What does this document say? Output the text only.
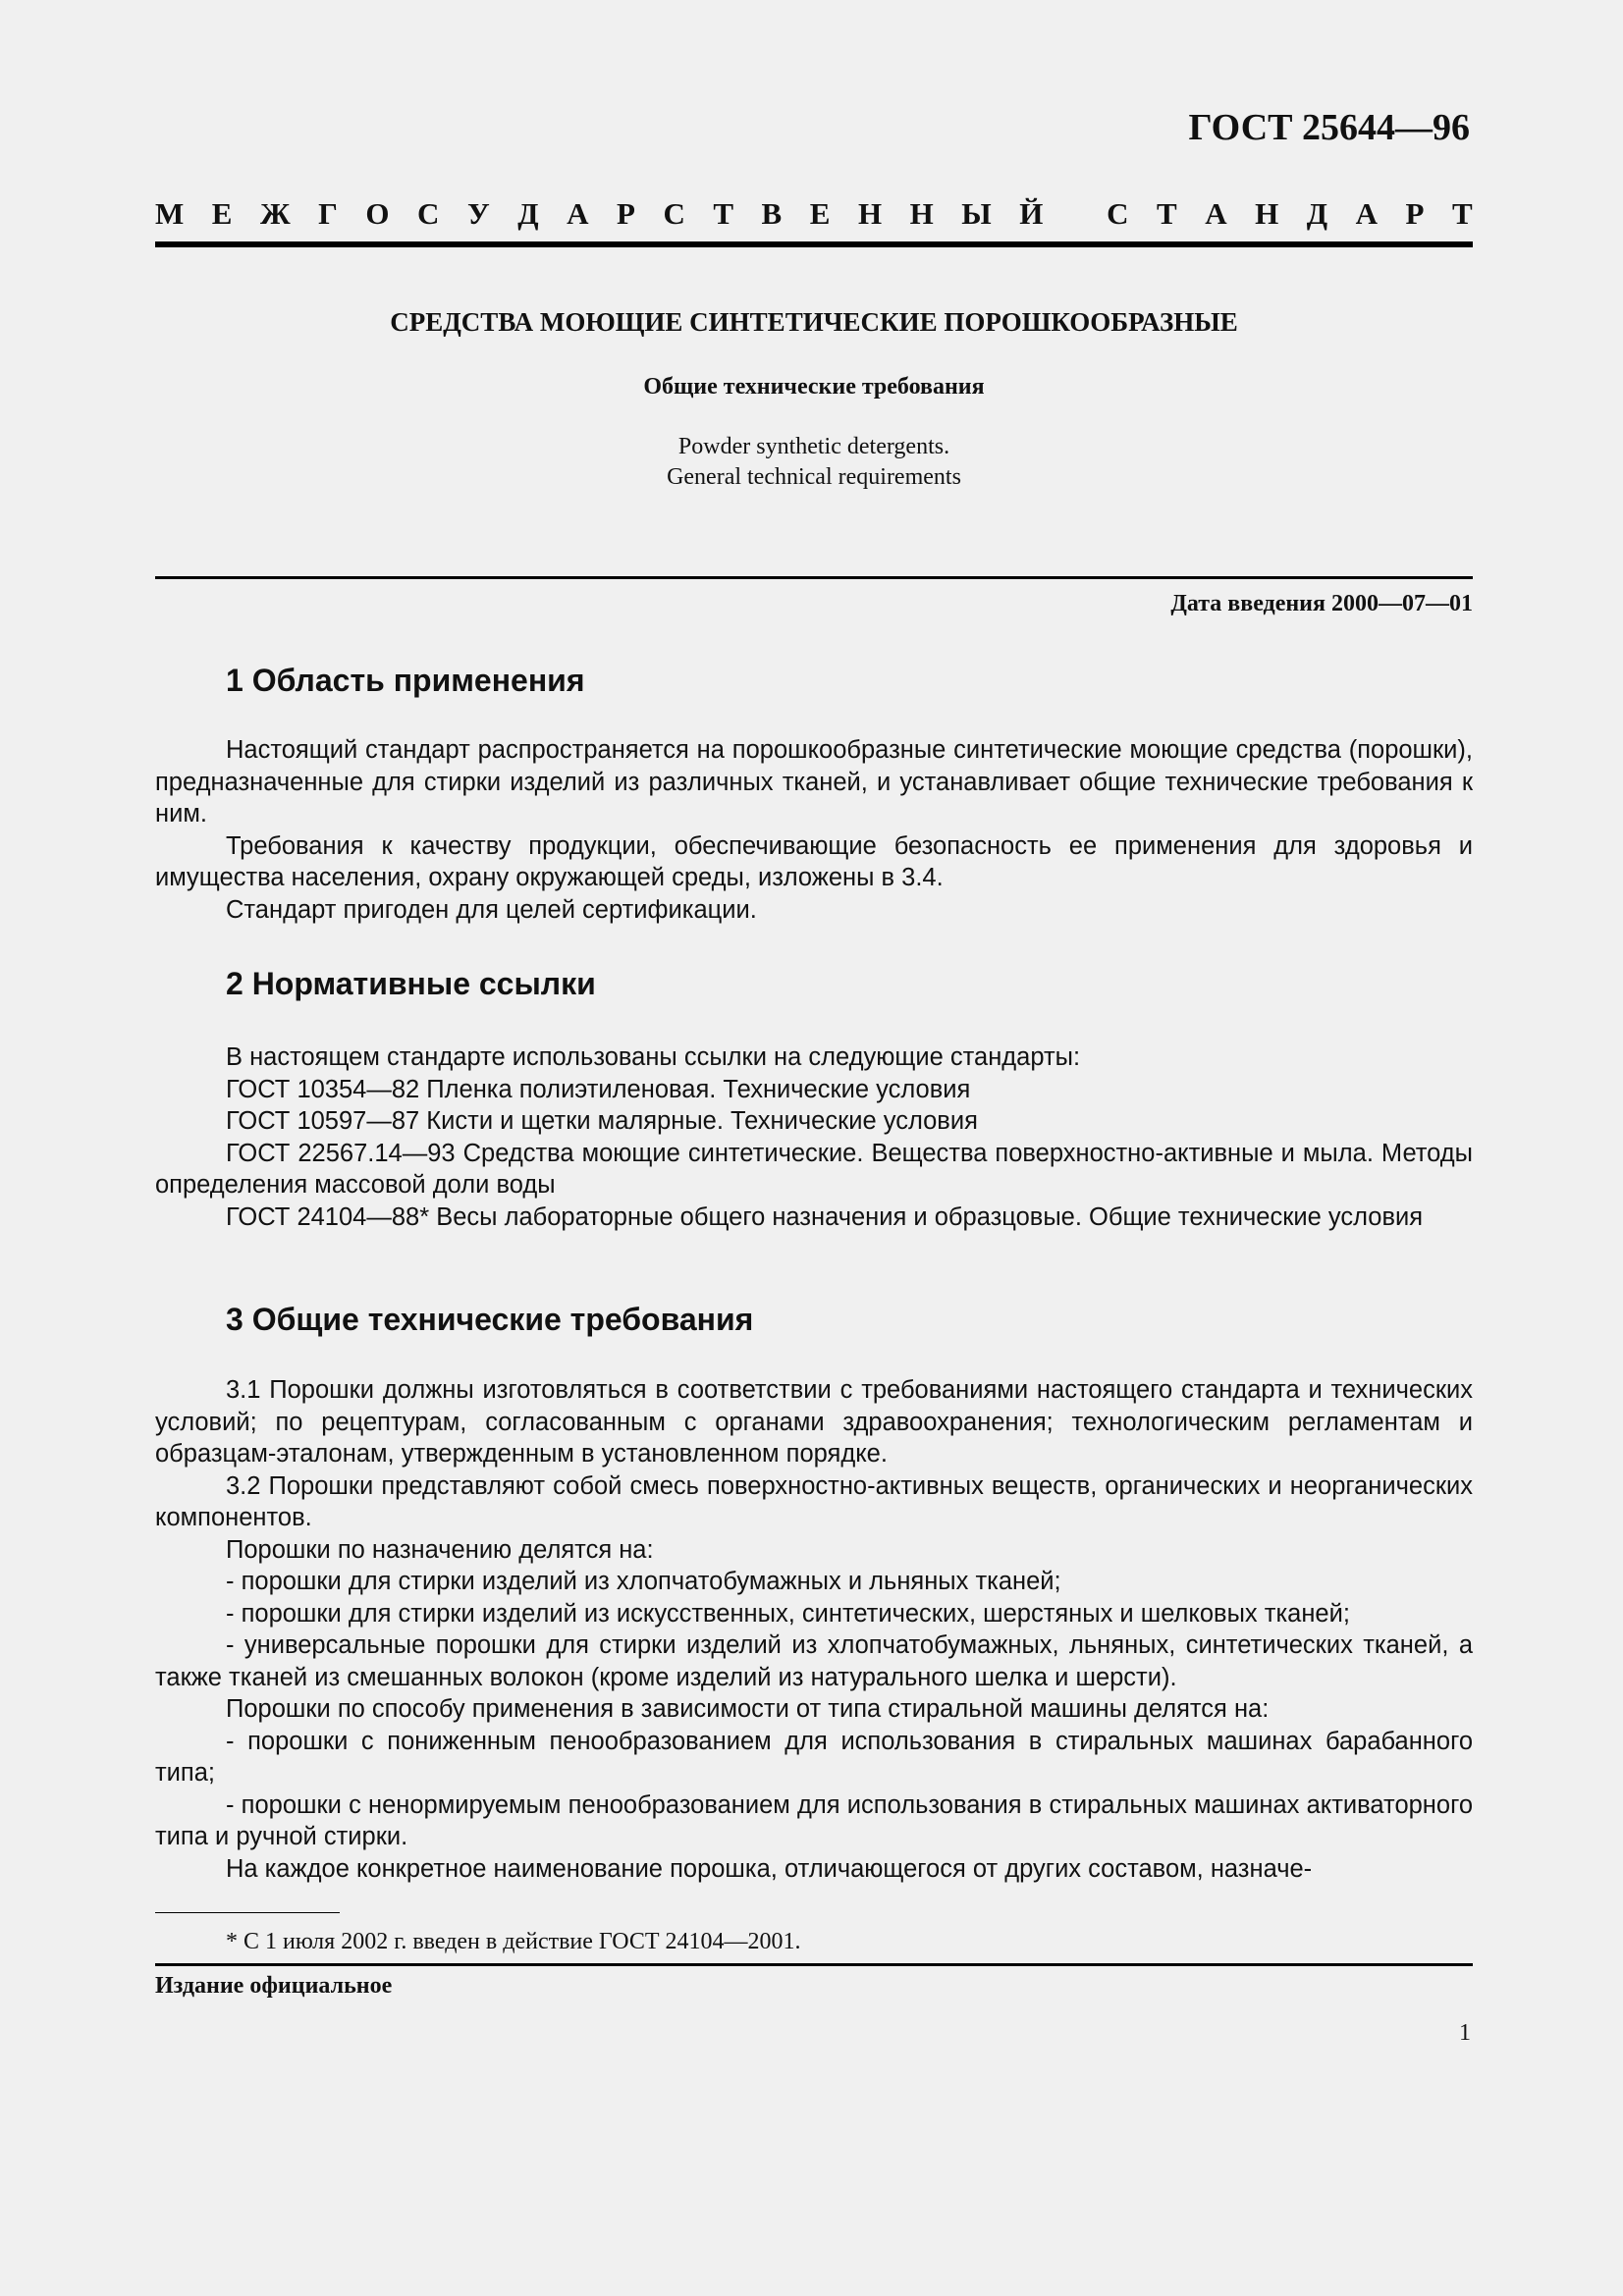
ГОСТ 25644—96
М Е Ж Г О С У Д А Р С Т В Е Н Н Ы Й
С Т А Н Д А Р Т
СРЕДСТВА МОЮЩИЕ СИНТЕТИЧЕСКИЕ ПОРОШКООБРАЗНЫЕ
Общие технические требования
Powder synthetic detergents.
General technical requirements
Дата введения 2000—07—01
1 Область применения

Настоящий стандарт распространяется на порошкообразные синтетические моющие средства (порошки), предназначенные для стирки изделий из различных тканей, и устанавливает общие технические требования к ним.

Требования к качеству продукции, обеспечивающие безопасность ее применения для здоровья и имущества населения, охрану окружающей среды, изложены в 3.4.

Стандарт пригоден для целей сертификации.

2 Нормативные ссылки

В настоящем стандарте использованы ссылки на следующие стандарты:

ГОСТ 10354—82 Пленка полиэтиленовая. Технические условия

ГОСТ 10597—87 Кисти и щетки малярные. Технические условия

ГОСТ 22567.14—93 Средства моющие синтетические. Вещества поверхностно-активные и мыла. Методы определения массовой доли воды

ГОСТ 24104—88* Весы лабораторные общего назначения и образцовые. Общие технические условия

3 Общие технические требования

3.1 Порошки должны изготовляться в соответствии с требованиями настоящего стандарта и технических условий; по рецептурам, согласованным с органами здравоохранения; технологическим регламентам и образцам-эталонам, утвержденным в установленном порядке.

3.2 Порошки представляют собой смесь поверхностно-активных веществ, органических и неорганических компонентов.

Порошки по назначению делятся на:

- порошки для стирки изделий из хлопчатобумажных и льняных тканей;

- порошки для стирки изделий из искусственных, синтетических, шерстяных и шелковых тканей;

- универсальные порошки для стирки изделий из хлопчатобумажных, льняных, синтетических тканей, а также тканей из смешанных волокон (кроме изделий из натурального шелка и шерсти).

Порошки по способу применения в зависимости от типа стиральной машины делятся на:

- порошки с пониженным пенообразованием для использования в стиральных машинах барабанного типа;

- порошки с ненормируемым пенообразованием для использования в стиральных машинах активаторного типа и ручной стирки.

На каждое конкретное наименование порошка, отличающегося от других составом, назначе-

* С 1 июля 2002 г. введен в действие ГОСТ 24104—2001.
Издание официальное
1
